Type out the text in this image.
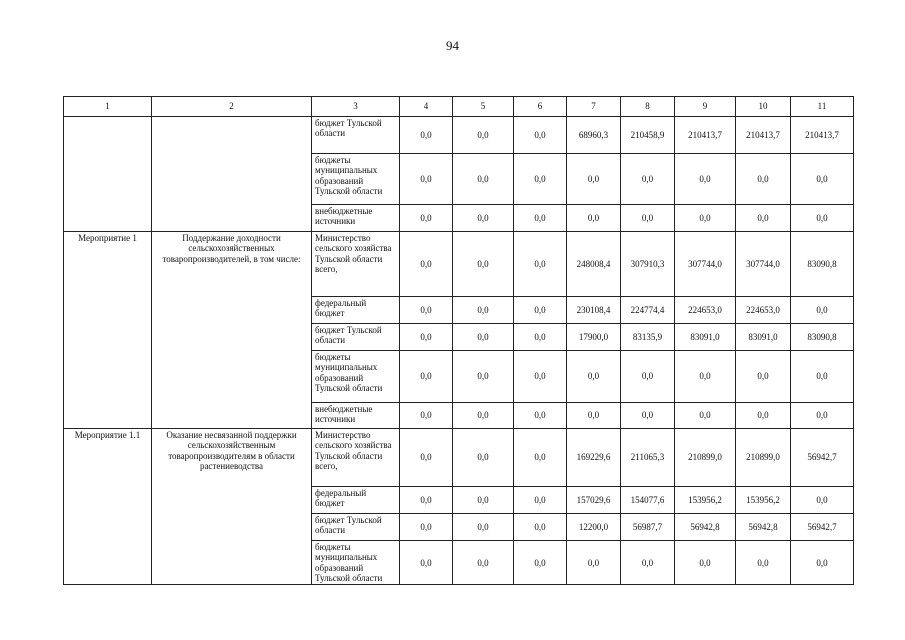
94
1	2	3	4	5	6	7	8	9	10	11
		бюджет Тульской области	0,0	0,0	0,0	68960,3	210458,9	210413,7	210413,7	210413,7
		бюджеты муниципальных образований Тульской области	0,0	0,0	0,0	0,0	0,0	0,0	0,0	0,0
		внебюджетные источники	0,0	0,0	0,0	0,0	0,0	0,0	0,0	0,0
Мероприятие 1	Поддержание доходности сельскохозяйственных товаропроизводителей, в том числе:	Министерство сельского хозяйства Тульской области всего,	0,0	0,0	0,0	248008,4	307910,3	307744,0	307744,0	83090,8
		федеральный бюджет	0,0	0,0	0,0	230108,4	224774,4	224653,0	224653,0	0,0
		бюджет Тульской области	0,0	0,0	0,0	17900,0	83135,9	83091,0	83091,0	83090,8
		бюджеты муниципальных образований Тульской области	0,0	0,0	0,0	0,0	0,0	0,0	0,0	0,0
		внебюджетные источники	0,0	0,0	0,0	0,0	0,0	0,0	0,0	0,0
Мероприятие 1.1	Оказание несвязанной поддержки сельскохозяйственным товаропроизводителям в области растениеводства	Министерство сельского хозяйства Тульской области всего,	0,0	0,0	0,0	169229,6	211065,3	210899,0	210899,0	56942,7
		федеральный бюджет	0,0	0,0	0,0	157029,6	154077,6	153956,2	153956,2	0,0
		бюджет Тульской области	0,0	0,0	0,0	12200,0	56987,7	56942,8	56942,8	56942,7
		бюджеты муниципальных образований Тульской области	0,0	0,0	0,0	0,0	0,0	0,0	0,0	0,0
